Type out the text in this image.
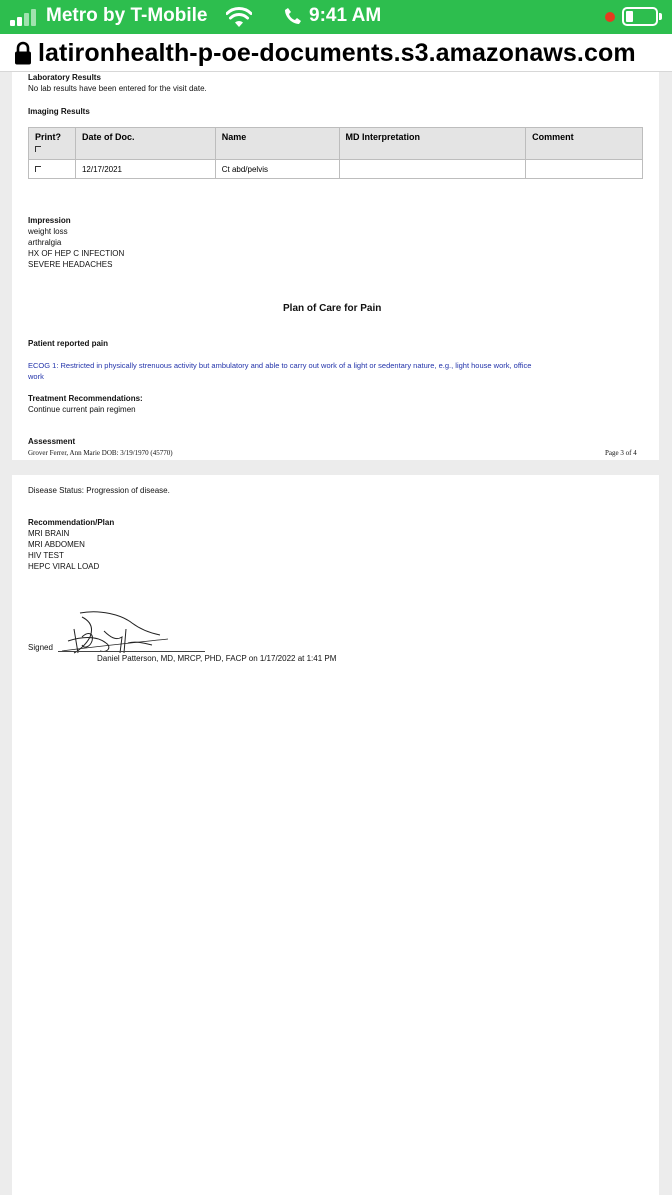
Metro by T-Mobile	9:41 AM
latironhealth-p-oe-documents.s3.amazonaws.com
Laboratory Results
No lab results have been entered for the visit date.
Imaging Results
Print?	Date of Doc.	Name	MD Interpretation	Comment
	12/17/2021	Ct abd/pelvis		
Impression
weight loss
arthralgia
HX OF HEP C INFECTION
SEVERE HEADACHES
Plan of Care for Pain
Patient reported pain
ECOG 1: Restricted in physically strenuous activity but ambulatory and able to carry out work of a light or sedentary nature, e.g., light house work, office
work
Treatment Recommendations:
Continue current pain regimen
Assessment
Grover Ferrer, Ann Marie DOB: 3/19/1970 (45770)	Page 3 of 4
Disease Status: Progression of disease.
Recommendation/Plan
MRI BRAIN
MRI ABDOMEN
HIV TEST
HEPC VIRAL LOAD
Signed
Daniel Patterson, MD, MRCP, PHD, FACP on 1/17/2022 at 1:41 PM
